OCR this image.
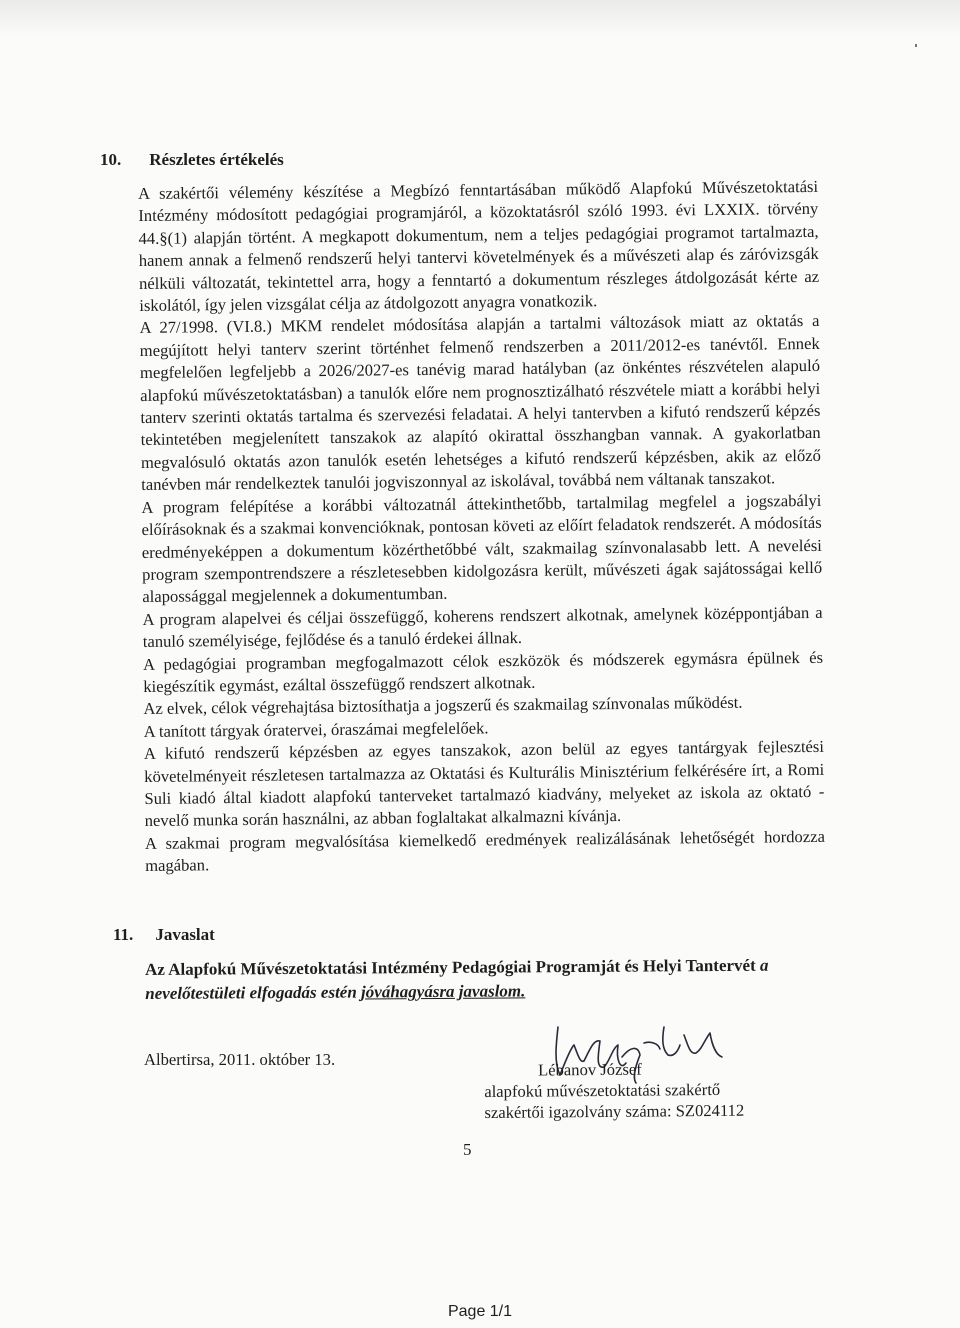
10. Részletes értékelés

A szakértői vélemény készítése a Megbízó fenntartásában működő Alapfokú Művészetoktatási Intézmény módosított pedagógiai programjáról, a közoktatásról szóló 1993. évi LXXIX. törvény 44.§(1) alapján történt. A megkapott dokumentum, nem a teljes pedagógiai programot tartalmazta, hanem annak a felmenő rendszerű helyi tantervi követelmények és a művészeti alap és záróvizsgák nélküli változatát, tekintettel arra, hogy a fenntartó a dokumentum részleges átdolgozását kérte az iskolától, így jelen vizsgálat célja az átdolgozott anyagra vonatkozik.

A 27/1998. (VI.8.) MKM rendelet módosítása alapján a tartalmi változások miatt az oktatás a megújított helyi tanterv szerint történhet felmenő rendszerben a 2011/2012-es tanévtől. Ennek megfelelően legfeljebb a 2026/2027-es tanévig marad hatályban (az önkéntes részvételen alapuló alapfokú művészetoktatásban) a tanulók előre nem prognosztizálható részvétele miatt a korábbi helyi tanterv szerinti oktatás tartalma és szervezési feladatai. A helyi tantervben a kifutó rendszerű képzés tekintetében megjelenített tanszakok az alapító okirattal összhangban vannak. A gyakorlatban megvalósuló oktatás azon tanulók esetén lehetséges a kifutó rendszerű képzésben, akik az előző tanévben már rendelkeztek tanulói jogviszonnyal az iskolával, továbbá nem váltanak tanszakot.

A program felépítése a korábbi változatnál áttekinthetőbb, tartalmilag megfelel a jogszabályi előírásoknak és a szakmai konvencióknak, pontosan követi az előírt feladatok rendszerét. A módosítás eredményeképpen a dokumentum közérthetőbbé vált, szakmailag színvonalasabb lett. A nevelési program szempontrendszere a részletesebben kidolgozásra került, művészeti ágak sajátosságai kellő alapossággal megjelennek a dokumentumban.

A program alapelvei és céljai összefüggő, koherens rendszert alkotnak, amelynek középpontjában a tanuló személyisége, fejlődése és a tanuló érdekei állnak.

A pedagógiai programban megfogalmazott célok eszközök és módszerek egymásra épülnek és kiegészítik egymást, ezáltal összefüggő rendszert alkotnak.

Az elvek, célok végrehajtása biztosíthatja a jogszerű és szakmailag színvonalas működést.

A tanított tárgyak óratervei, óraszámai megfelelőek.

A kifutó rendszerű képzésben az egyes tanszakok, azon belül az egyes tantárgyak fejlesztési követelményeit részletesen tartalmazza az Oktatási és Kulturális Minisztérium felkérésére írt, a Romi Suli kiadó által kiadott alapfokú tanterveket tartalmazó kiadvány, melyeket az iskola az oktató - nevelő munka során használni, az abban foglaltakat alkalmazni kívánja.

A szakmai program megvalósítása kiemelkedő eredmények realizálásának lehetőségét hordozza magában.

11. Javaslat

Az Alapfokú Művészetoktatási Intézmény Pedagógiai Programját és Helyi Tantervét a nevelőtestületi elfogadás estén jóváhagyásra javaslom.

Albertirsa, 2011. október 13.

Lébanov József

alapfokú művészetoktatási szakértő

szakértői igazolvány száma: SZ024112

5

Page 1/1
